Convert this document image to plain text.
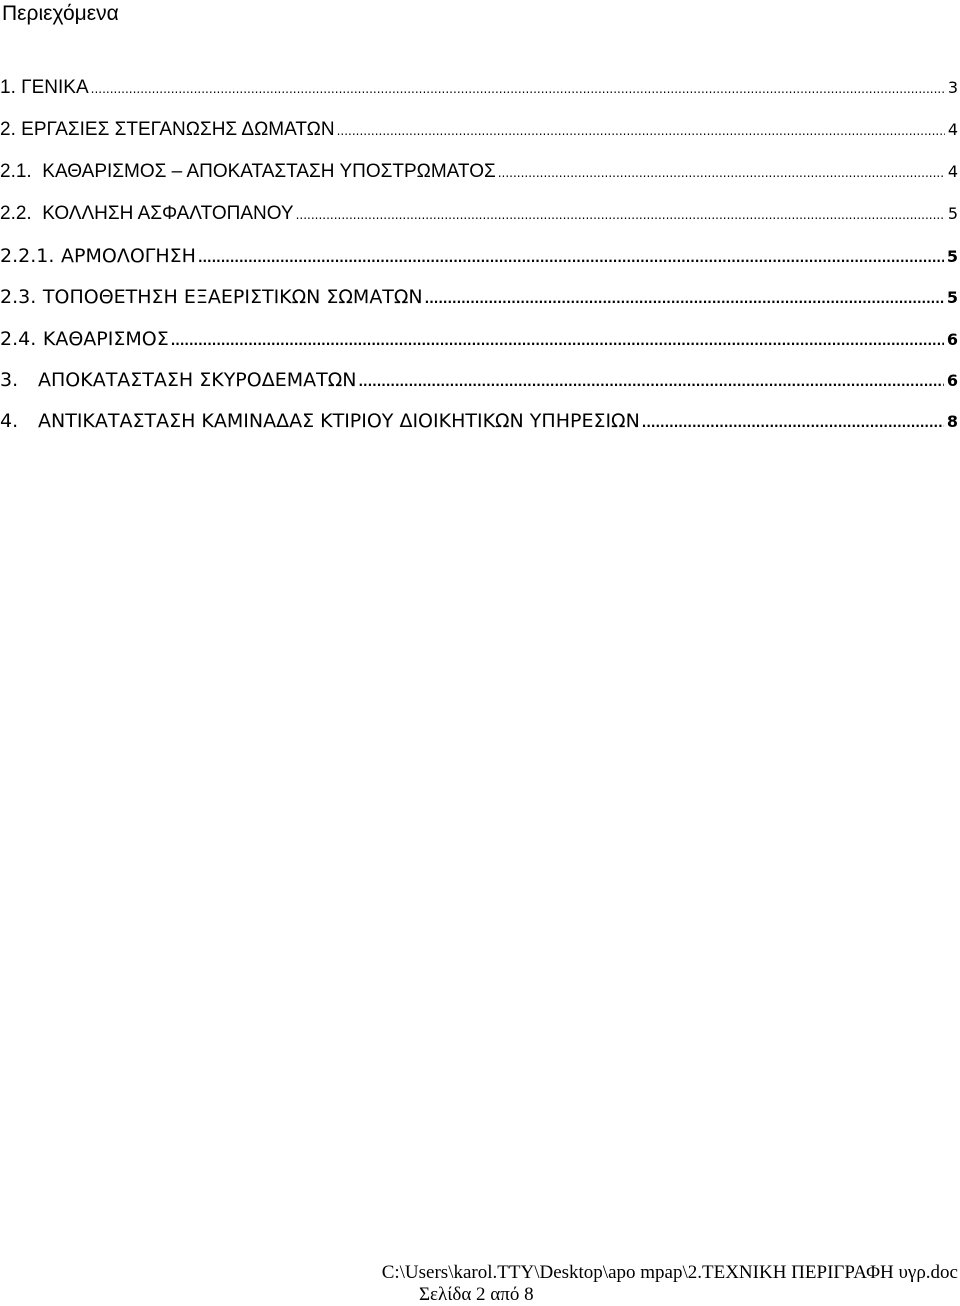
Περιεχόμενα
1.
ΓΕΝΙΚΑ .....	3
2.
ΕΡΓΑΣΙΕΣ ΣΤΕΓΑΝΩΣΗΣ ΔΩΜΑΤΩΝ .....	4
2.1.
ΚΑΘΑΡΙΣΜΟΣ – ΑΠΟΚΑΤΑΣΤΑΣΗ ΥΠΟΣΤΡΩΜΑΤΟΣ .....	4
2.2.
ΚΟΛΛΗΣΗ ΑΣΦΑΛΤΟΠΑΝΟΥ .....	5
2.2.1.
ΑΡΜΟΛΟΓΗΣΗ .....	5
2.3.
ΤΟΠΟΘΕΤΗΣΗ ΕΞΑΕΡΙΣΤΙΚΩΝ ΣΩΜΑΤΩΝ .....	5
2.4.
ΚΑΘΑΡΙΣΜΟΣ .....	6
3.
ΑΠΟΚΑΤΑΣΤΑΣΗ ΣΚΥΡΟΔΕΜΑΤΩΝ .....	6
4.
ΑΝΤΙΚΑΤΑΣΤΑΣΗ ΚΑΜΙΝΑΔΑΣ ΚΤΙΡΙΟΥ ΔΙΟΙΚΗΤΙΚΩΝ ΥΠΗΡΕΣΙΩΝ .....	8
C:\Users\karol.TTY\Desktop\apo mpap\2.ΤΕΧΝΙΚΗ ΠΕΡΙΓΡΑΦΗ υγρ.doc
Σελίδα 2 από 8
